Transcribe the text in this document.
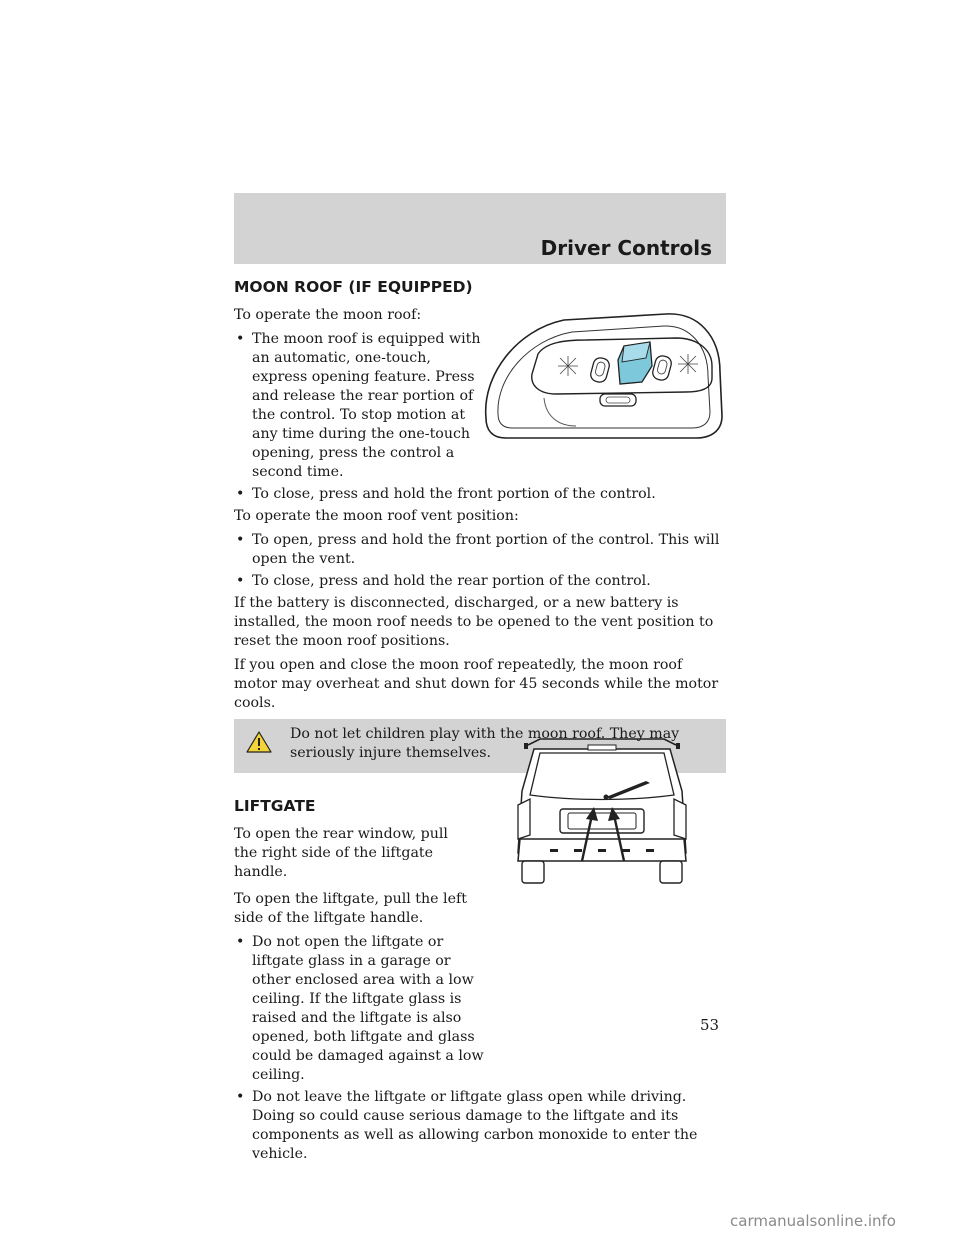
Driver Controls
MOON ROOF (IF EQUIPPED)

To operate the moon roof:

• The moon roof is equipped with an automatic, one-touch, express opening feature. Press and release the rear portion of the control. To stop motion at any time during the one-touch opening, press the control a second time.
• To close, press and hold the front portion of the control.

To operate the moon roof vent position:

• To open, press and hold the front portion of the control. This will open the vent.
• To close, press and hold the rear portion of the control.

If the battery is disconnected, discharged, or a new battery is installed, the moon roof needs to be opened to the vent position to reset the moon roof positions.

If you open and close the moon roof repeatedly, the moon roof motor may overheat and shut down for 45 seconds while the motor cools.

Do not let children play with the moon roof. They may seriously injure themselves.
LIFTGATE

To open the rear window, pull the right side of the liftgate handle.

To open the liftgate, pull the left side of the liftgate handle.

• Do not open the liftgate or liftgate glass in a garage or other enclosed area with a low ceiling. If the liftgate glass is raised and the liftgate is also opened, both liftgate and glass could be damaged against a low ceiling.
• Do not leave the liftgate or liftgate glass open while driving. Doing so could cause serious damage to the liftgate and its components as well as allowing carbon monoxide to enter the vehicle.
53
carmanualsonline.info
